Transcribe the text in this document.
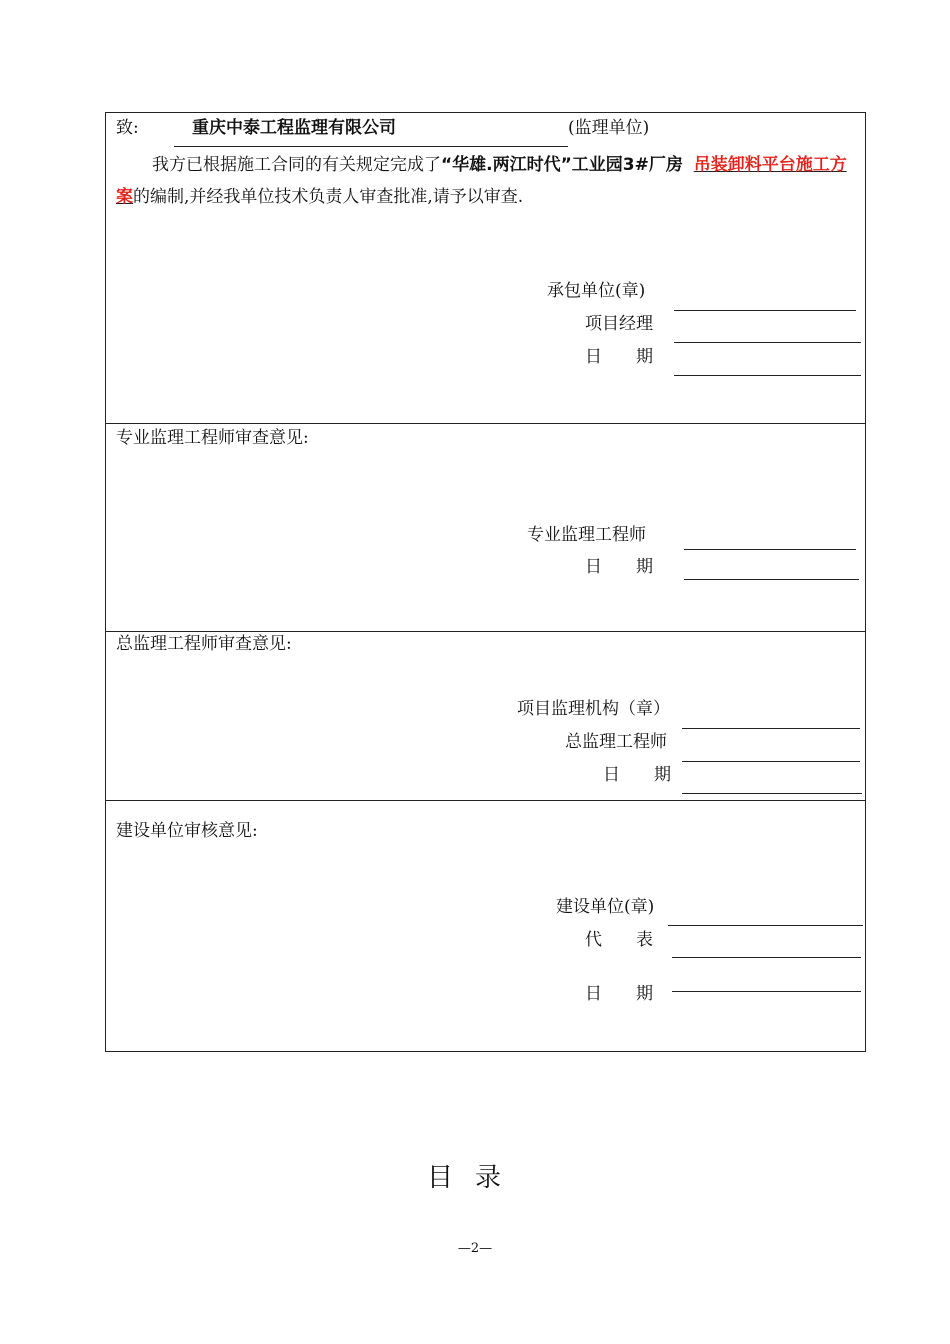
致:	重庆中泰工程监理有限公司	(监理单位)
我方已根据施工合同的有关规定完成了“华雄.两江时代”工业园3#厂房 吊装卸料平台施工方案的编制,并经我单位技术负责人审查批准,请予以审查.
承包单位(章)
项目经理
日　　期
专业监理工程师审查意见:
专业监理工程师
日　　期
总监理工程师审查意见:
项目监理机构（章）
总监理工程师
日　　期
建设单位审核意见:
建设单位(章)
代　　表
日　　期
目录
—2—
